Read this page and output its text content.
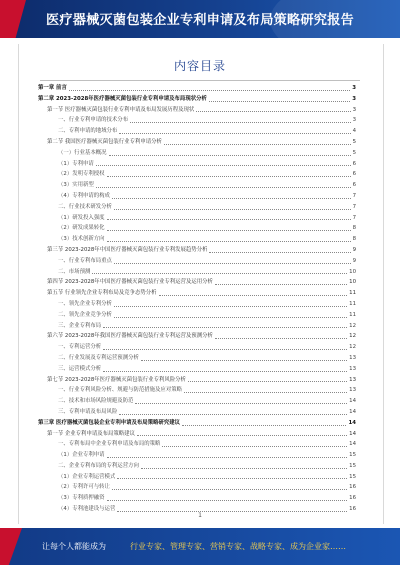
医疗器械灭菌包装企业专利申请及布局策略研究报告
内容目录
第一章 前言	3
第二章 2023-2028年医疗器械灭菌包装行业专利申请及布局现状分析	3
第一节 医疗器械灭菌包装行业专利申请及布局发展历程及现状	3
一、行业专利申请的技术分布	3
二、专利申请的地域分布	4
第二节 我国医疗器械灭菌包装行业专利申请分析	5
（一）行业基本概况	5
（1）专利申请	6
（2）发明专利授权	6
（3）实用新型	6
（4）专利申请的构成	7
二、行业技术研发分析	7
（1）研发投入强度	7
（2）研发成果转化	8
（3）技术创新方向	8
第三节 2023-2028年中国医疗器械灭菌包装行业专利发展趋势分析	9
一、行业专利布局重点	9
二、市场预测	10
第四节 2023-2028年中国医疗器械灭菌包装行业专利运营及运用分析	10
第五节 行业领先企业专利布局及竞争态势分析	11
一、领先企业专利分析	11
二、领先企业竞争分析	11
三、企业专利布局	12
第六节 2023-2028年我国医疗器械灭菌包装行业专利运营及预测分析	12
一、专利运营分析	12
二、行业发展及专利运营预测分析	13
三、运营模式分析	13
第七节 2023-2028年医疗器械灭菌包装行业专利风险分析	13
一、行业专利风险分析、规避与防范措施及应对策略	13
二、技术和市场风险规避及防范	14
三、专利申请及布局风险	14
第三章 医疗器械灭菌包装企业专利申请及布局策略研究建议	14
第一节 企业专利申请及布局策略建议	14
一、专利布局中企业专利申请及布局的策略	14
（1）企业专利申请	15
二、企业专利布局的专利运营方向	15
（1）企业专利运营模式	15
（2）专利许可与转让	16
（3）专利质押融资	16
（4）专利池建设与运营	16
1
让每个人都能成为	行业专家、管理专家、营销专家、战略专家、成为企业家……
